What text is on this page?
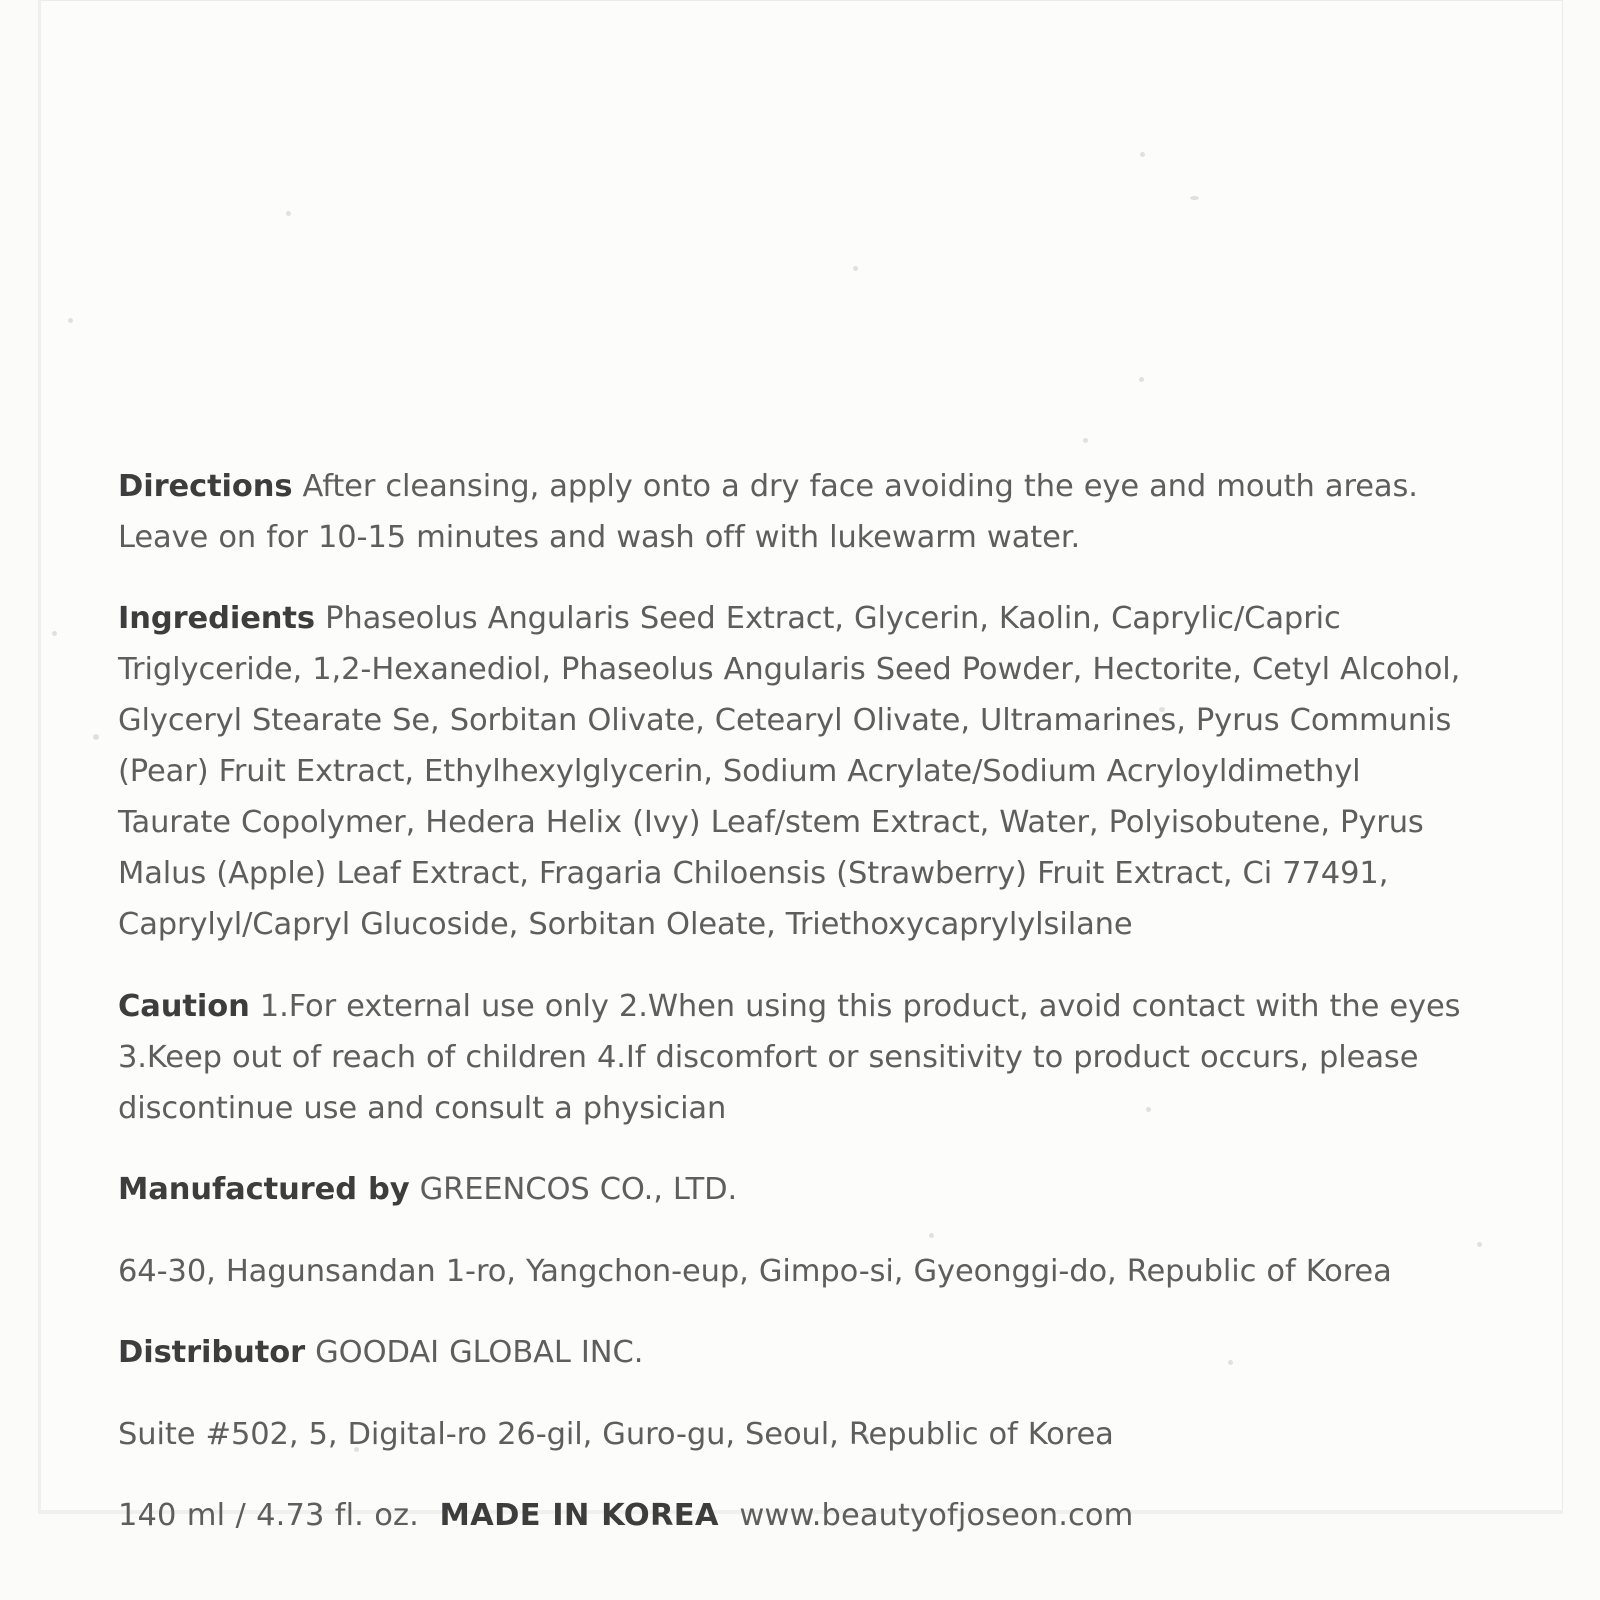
Directions After cleansing, apply onto a dry face avoiding the eye and mouth areas. Leave on for 10-15 minutes and wash off with lukewarm water.

Ingredients Phaseolus Angularis Seed Extract, Glycerin, Kaolin, Caprylic/Capric Triglyceride, 1,2-Hexanediol, Phaseolus Angularis Seed Powder, Hectorite, Cetyl Alcohol, Glyceryl Stearate Se, Sorbitan Olivate, Cetearyl Olivate, Ultramarines, Pyrus Communis (Pear) Fruit Extract, Ethylhexylglycerin, Sodium Acrylate/Sodium Acryloyldimethyl Taurate Copolymer, Hedera Helix (Ivy) Leaf/stem Extract, Water, Polyisobutene, Pyrus Malus (Apple) Leaf Extract, Fragaria Chiloensis (Strawberry) Fruit Extract, Ci 77491, Caprylyl/Capryl Glucoside, Sorbitan Oleate, Triethoxycaprylylsilane

Caution 1.For external use only 2.When using this product, avoid contact with the eyes 3.Keep out of reach of children 4.If discomfort or sensitivity to product occurs, please discontinue use and consult a physician

Manufactured by GREENCOS CO., LTD.

64-30, Hagunsandan 1-ro, Yangchon-eup, Gimpo-si, Gyeonggi-do, Republic of Korea

Distributor GOODAI GLOBAL INC.

Suite #502, 5, Digital-ro 26-gil, Guro-gu, Seoul, Republic of Korea

140 ml / 4.73 fl. oz. MADE IN KOREA www.beautyofjoseon.com
